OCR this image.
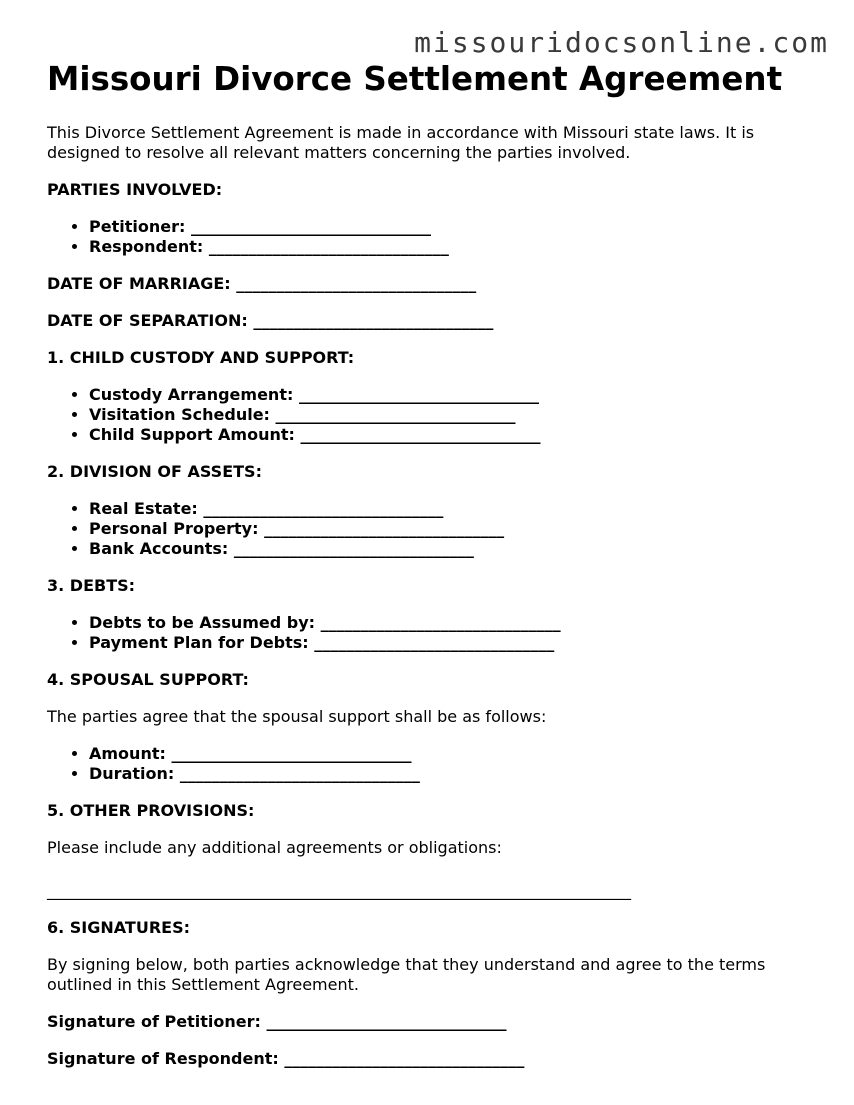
missouridocsonline.com
Missouri Divorce Settlement Agreement

This Divorce Settlement Agreement is made in accordance with Missouri state laws. It is designed to resolve all relevant matters concerning the parties involved.

PARTIES INVOLVED:
• Petitioner: ______________________________
• Respondent: ______________________________

DATE OF MARRIAGE: ______________________________

DATE OF SEPARATION: ______________________________

1. CHILD CUSTODY AND SUPPORT:
• Custody Arrangement: ______________________________
• Visitation Schedule: ______________________________
• Child Support Amount: ______________________________
2. DIVISION OF ASSETS:
• Real Estate: ______________________________
• Personal Property: ______________________________
• Bank Accounts: ______________________________
3. DEBTS:
• Debts to be Assumed by: ______________________________
• Payment Plan for Debts: ______________________________
4. SPOUSAL SUPPORT:

The parties agree that the spousal support shall be as follows:

• Amount: ______________________________
• Duration: ______________________________
5. OTHER PROVISIONS:

Please include any additional agreements or obligations:

_________________________________________________________________________

6. SIGNATURES:

By signing below, both parties acknowledge that they understand and agree to the terms outlined in this Settlement Agreement.

Signature of Petitioner: ______________________________

Signature of Respondent: ______________________________
